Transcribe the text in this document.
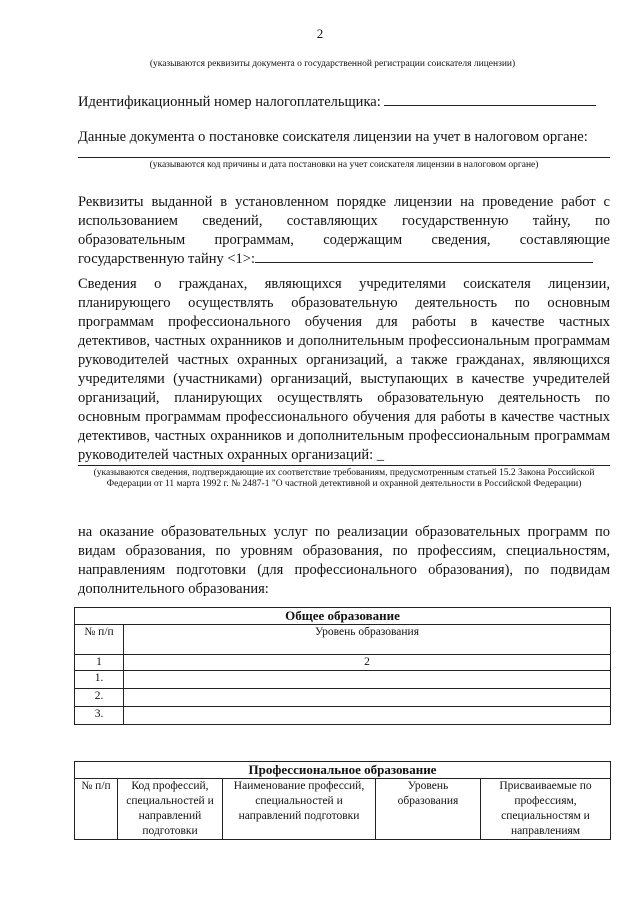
2
(указываются реквизиты документа о государственной регистрации соискателя лицензии)
Идентификационный номер налогоплательщика:
Данные документа о постановке соискателя лицензии на учет в налоговом органе:
(указываются код причины и дата постановки на учет соискателя лицензии в налоговом органе)
Реквизиты выданной в установленном порядке лицензии на проведение работ с использованием сведений, составляющих государственную тайну, по образовательным программам, содержащим сведения, составляющие государственную тайну <1>:
Сведения о гражданах, являющихся учредителями соискателя лицензии, планирующего осуществлять образовательную деятельность по основным программам профессионального обучения для работы в качестве частных детективов, частных охранников и дополнительным профессиональным программам руководителей частных охранных организаций, а также гражданах, являющихся учредителями (участниками) организаций, выступающих в качестве учредителей организаций, планирующих осуществлять образовательную деятельность по основным программам профессионального обучения для работы в качестве частных детективов, частных охранников и дополнительным профессиональным программам руководителей частных охранных организаций: _
(указываются сведения, подтверждающие их соответствие требованиям, предусмотренным статьей 15.2 Закона Российской Федерации от 11 марта 1992 г. № 2487-1 "О частной детективной и охранной деятельности в Российской Федерации)
на оказание образовательных услуг по реализации образовательных программ по видам образования, по уровням образования, по профессиям, специальностям, направлениям подготовки (для профессионального образования), по подвидам дополнительного образования:
Общее образование	
№ п/п	Уровень образования
1	2
1.	
2.	
3.	
Профессиональное образование
№ п/п	Код профессий, специальностей и направлений подготовки	Наименование профессий, специальностей и направлений подготовки	Уровень образования	Присваиваемые по профессиям, специальностям и направлениям
